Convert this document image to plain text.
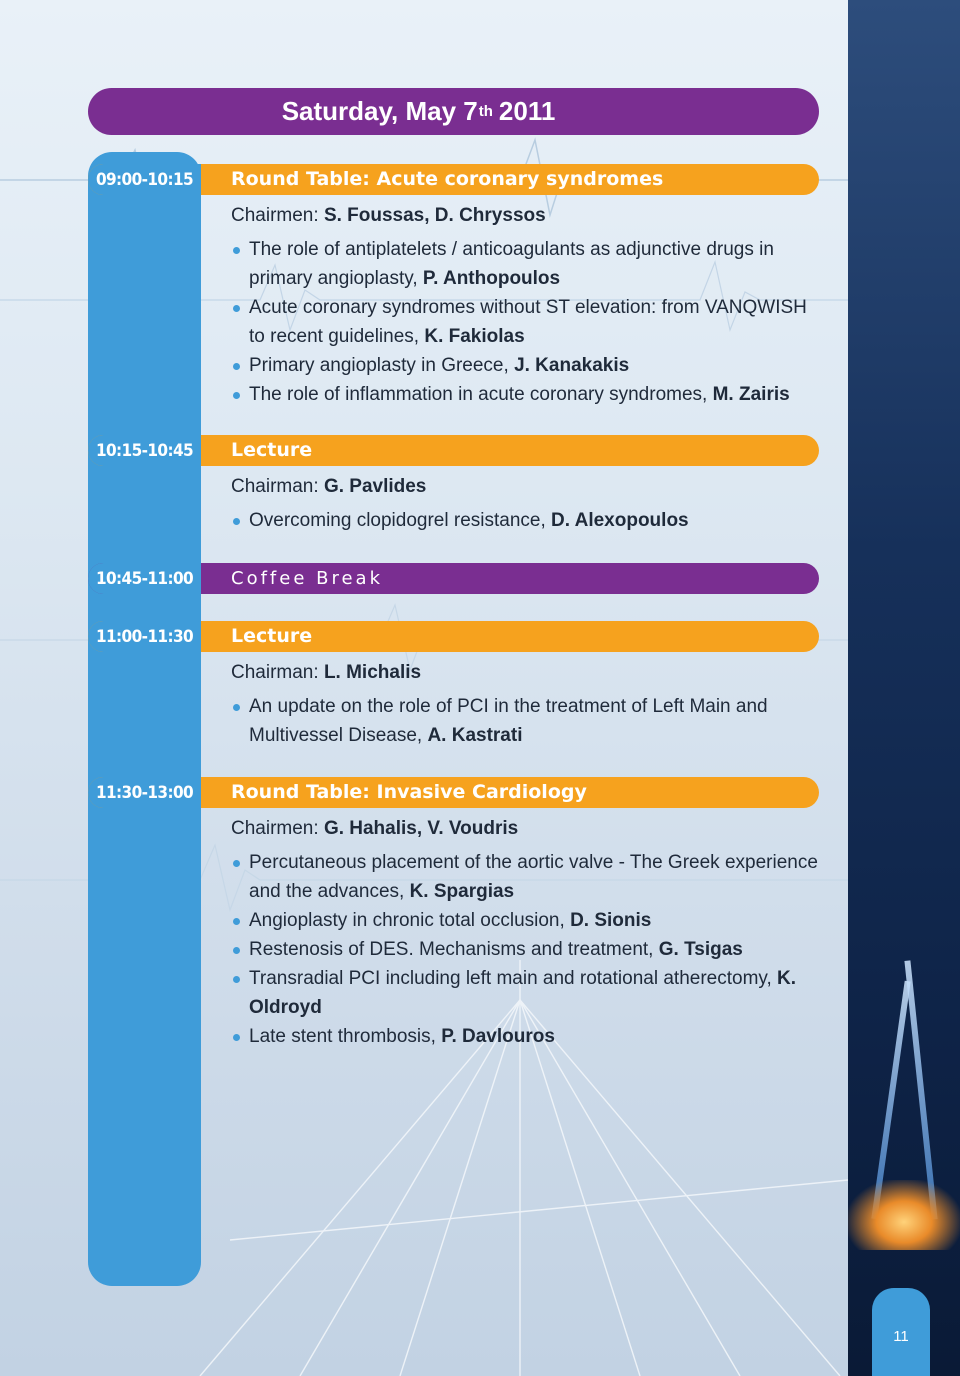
Saturday, May 7 th 2011
09:00-10:15	Round Table: Acute coronary syndromes
Chairmen: S. Foussas, D. Chryssos
The role of antiplatelets / anticoagulants as adjunctive drugs in primary angioplasty, P. Anthopoulos
Acute coronary syndromes without ST elevation: from VANQWISH to recent guidelines, K. Fakiolas
Primary angioplasty in Greece, J. Kanakakis
The role of inflammation in acute coronary syndromes, M. Zairis
10:15-10:45	Lecture
Chairman: G. Pavlides
Overcoming clopidogrel resistance, D. Alexopoulos
10:45-11:00	Coffee Break
11:00-11:30	Lecture
Chairman: L. Michalis
An update on the role of PCI in the treatment of Left Main and Multivessel Disease, A. Kastrati
11:30-13:00	Round Table: Invasive Cardiology
Chairmen: G. Hahalis, V. Voudris
Percutaneous placement of the aortic valve - The Greek experience and the advances, K. Spargias
Angioplasty in chronic total occlusion, D. Sionis
Restenosis of DES. Mechanisms and treatment, G. Tsigas
Transradial PCI including left main and rotational atherectomy, K. Oldroyd
Late stent thrombosis, P. Davlouros
11
